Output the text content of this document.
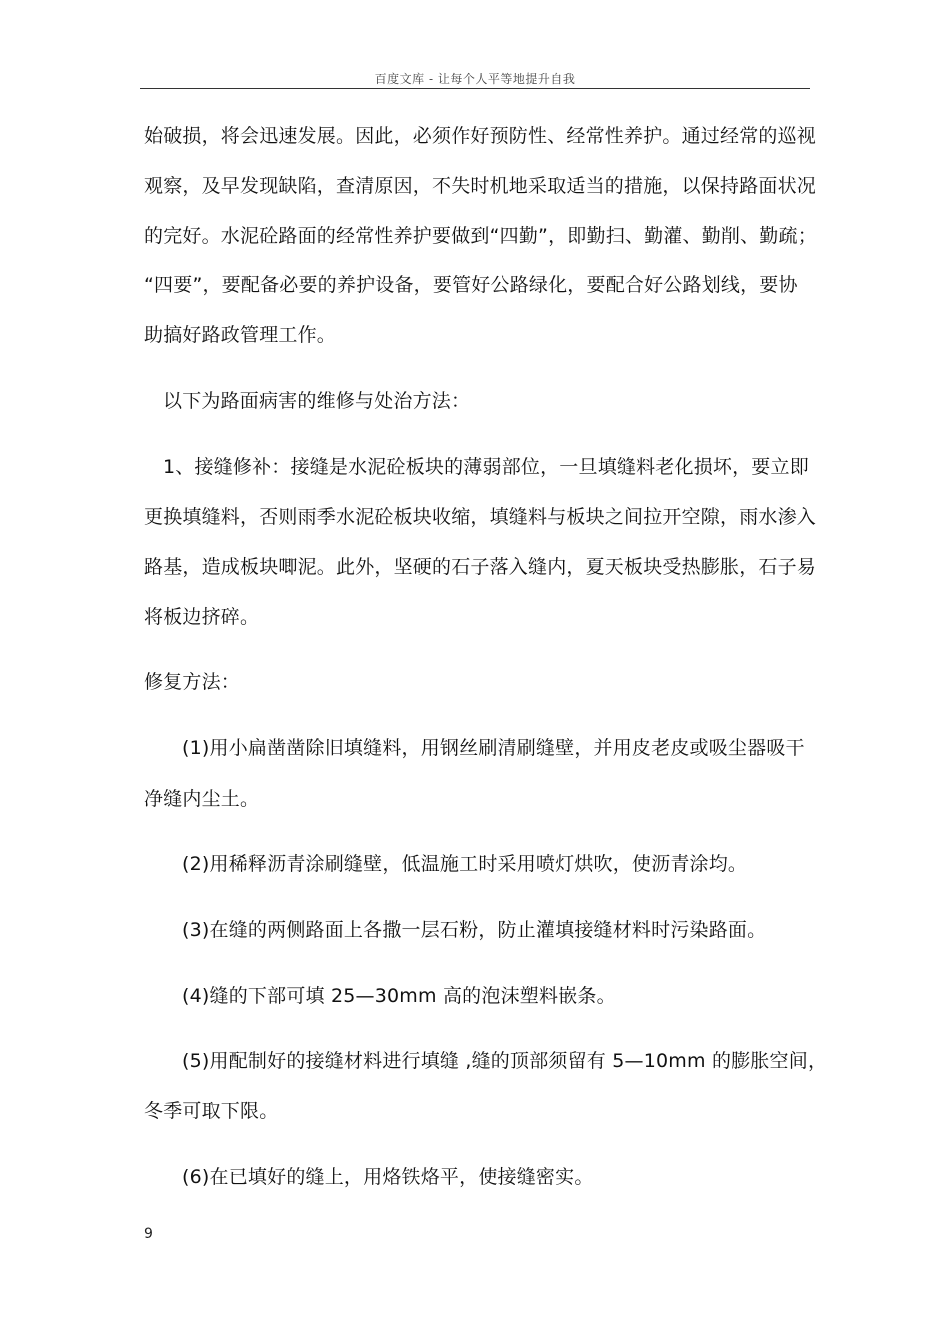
百度文库 - 让每个人平等地提升自我
始破损，将会迅速发展。因此，必须作好预防性、经常性养护。通过经常的巡视
观察，及早发现缺陷，查清原因，不失时机地采取适当的措施，以保持路面状况
的完好。水泥砼路面的经常性养护要做到“四勤”，即勤扫、勤灌、勤削、勤疏；
“四要”，要配备必要的养护设备，要管好公路绿化，要配合好公路划线，要协
助搞好路政管理工作。
以下为路面病害的维修与处治方法：
1、接缝修补：接缝是水泥砼板块的薄弱部位，一旦填缝料老化损坏，要立即
更换填缝料，否则雨季水泥砼板块收缩，填缝料与板块之间拉开空隙，雨水渗入
路基，造成板块唧泥。此外，坚硬的石子落入缝内，夏天板块受热膨胀，石子易
将板边挤碎。
修复方法：
(1)用小扁凿凿除旧填缝料，用钢丝刷清刷缝壁，并用皮老皮或吸尘器吸干
净缝内尘土。
(2)用稀释沥青涂刷缝壁，低温施工时采用喷灯烘吹，使沥青涂均。
(3)在缝的两侧路面上各撒一层石粉，防止灌填接缝材料时污染路面。
(4)缝的下部可填 25—30mm 高的泡沫塑料嵌条。
(5)用配制好的接缝材料进行填缝 ,缝的顶部须留有 5—10mm 的膨胀空间，
冬季可取下限。
(6)在已填好的缝上，用烙铁烙平，使接缝密实。
9
